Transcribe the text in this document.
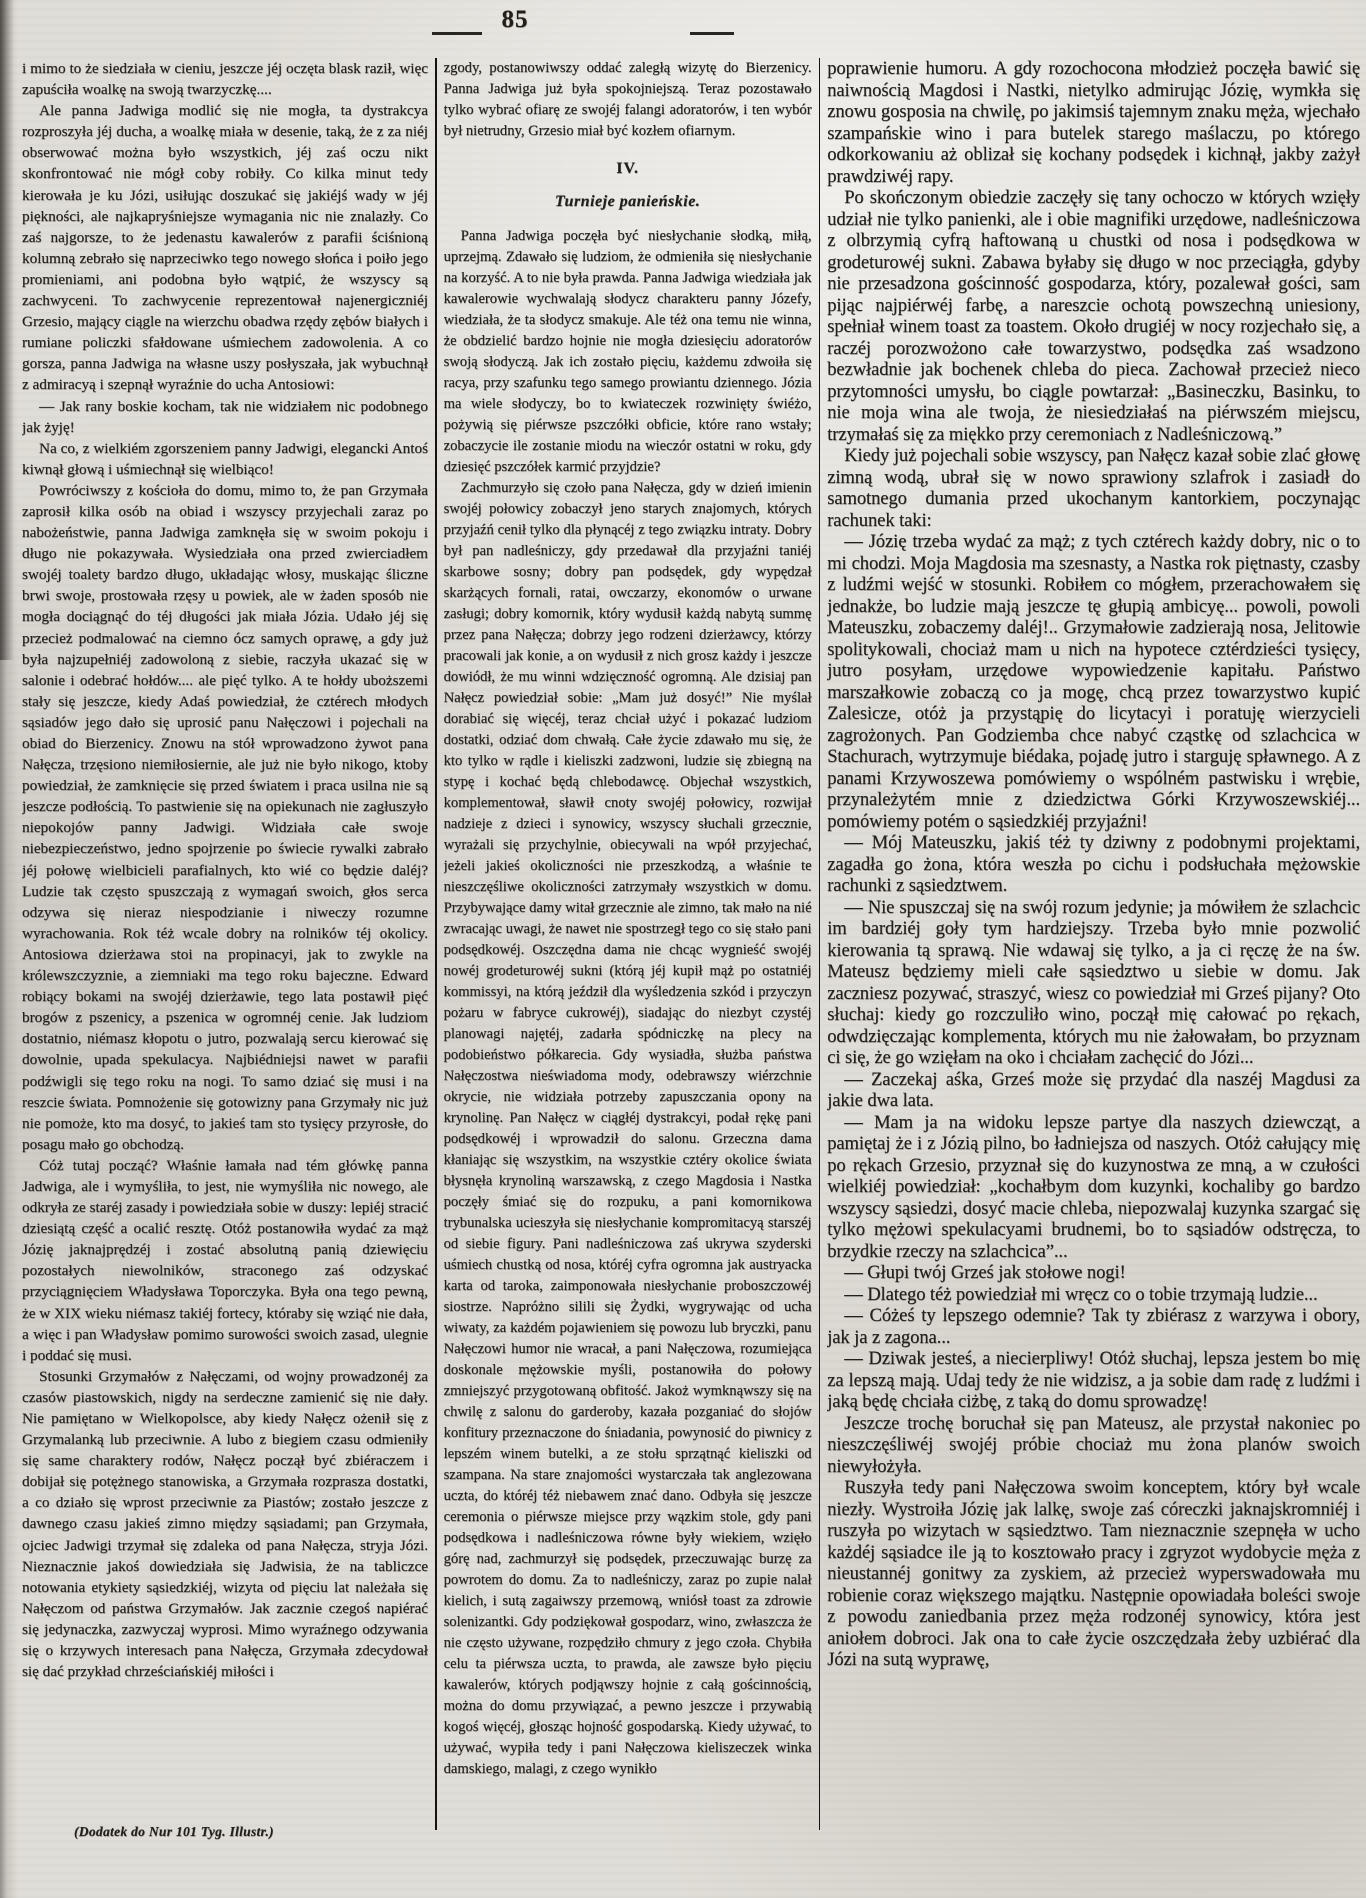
85

i mimo to że siedziała w cieniu, jeszcze jéj oczęta blask raził, więc zapuściła woalkę na swoją twarzyczkę....

Ale panna Jadwiga modlić się nie mogła, ta dystrakcya rozproszyła jéj ducha, a woalkę miała w desenie, taką, że z za niéj obserwować można było wszystkich, jéj zaś oczu nikt skonfrontować nie mógł coby robiły. Co kilka minut tedy kierowała je ku Józi, usiłując doszukać się jakiéjś wady w jéj piękności, ale najkapryśniejsze wymagania nic nie znalazły. Co zaś najgorsze, to że jedenastu kawalerów z parafii ściśnioną kolumną zebrało się naprzeciwko tego nowego słońca i poiło jego promieniami, ani podobna było wątpić, że wszyscy są zachwyceni. To zachwycenie reprezentował najenergiczniéj Grzesio, mający ciągle na wierzchu obadwa rzędy zębów białych i rumiane policzki sfałdowane uśmiechem zadowolenia. A co gorsza, panna Jadwiga na własne uszy posłyszała, jak wybuchnął z admiracyą i szepnął wyraźnie do ucha Antosiowi:

— Jak rany boskie kocham, tak nie widziałem nic podobnego jak żyję!

Na co, z wielkiém zgorszeniem panny Jadwigi, elegancki Antoś kiwnął głową i uśmiechnął się wielbiąco!

Powróciwszy z kościoła do domu, mimo to, że pan Grzymała zaprosił kilka osób na obiad i wszyscy przyjechali zaraz po nabożeństwie, panna Jadwiga zamknęła się w swoim pokoju i długo nie pokazywała. Wysiedziała ona przed zwierciadłem swojéj toalety bardzo długo, układając włosy, muskając śliczne brwi swoje, prostowała rzęsy u powiek, ale w żaden sposób nie mogła dociągnąć do téj długości jak miała Józia. Udało jéj się przecież podmalować na ciemno ócz samych oprawę, a gdy już była najzupełniéj zadowoloną z siebie, raczyła ukazać się w salonie i odebrać hołdów.... ale pięć tylko. A te hołdy uboższemi stały się jeszcze, kiedy Adaś powiedział, że cztérech młodych sąsiadów jego dało się uprosić panu Nałęczowi i pojechali na obiad do Bierzenicy. Znowu na stół wprowadzono żywot pana Nałęcza, trzęsiono niemiłosiernie, ale już nie było nikogo, ktoby powiedział, że zamknięcie się przed światem i praca usilna nie są jeszcze podłością. To pastwienie się na opiekunach nie zagłuszyło niepokojów panny Jadwigi. Widziała całe swoje niebezpieczeństwo, jedno spojrzenie po świecie rywalki zabrało jéj połowę wielbicieli parafialnych, kto wié co będzie daléj? Ludzie tak często spuszczają z wymagań swoich, głos serca odzywa się nieraz niespodzianie i niweczy rozumne wyrachowania. Rok téż wcale dobry na rolników téj okolicy. Antosiowa dzierżawa stoi na propinacyi, jak to zwykle na królewszczyznie, a ziemniaki ma tego roku bajeczne. Edward robiący bokami na swojéj dzierżawie, tego lata postawił pięć brogów z pszenicy, a pszenica w ogromnéj cenie. Jak ludziom dostatnio, niémasz kłopotu o jutro, pozwalają sercu kierować się dowolnie, upada spekulacya. Najbiédniejsi nawet w parafii podźwigli się tego roku na nogi. To samo dziać się musi i na reszcie świata. Pomnożenie się gotowizny pana Grzymały nic już nie pomoże, kto ma dosyć, to jakieś tam sto tysięcy przyrosłe, do posagu mało go obchodzą.

Cóż tutaj począć? Właśnie łamała nad tém główkę panna Jadwiga, ale i wymyśliła, to jest, nie wymyśliła nic nowego, ale odkryła ze staréj zasady i powiedziała sobie w duszy: lepiéj stracić dziesiątą część a ocalić resztę. Otóż postanowiła wydać za mąż Józię jaknajprędzéj i zostać absolutną panią dziewięciu pozostałych niewolników, straconego zaś odzyskać przyciągnięciem Władysława Toporczyka. Była ona tego pewną, że w XIX wieku niémasz takiéj fortecy, któraby się wziąć nie dała, a więc i pan Władysław pomimo surowości swoich zasad, ulegnie i poddać się musi.

Stosunki Grzymałów z Nałęczami, od wojny prowadzonéj za czasów piastowskich, nigdy na serdeczne zamienić się nie dały. Nie pamiętano w Wielkopolsce, aby kiedy Nałęcz ożenił się z Grzymalanką lub przeciwnie. A lubo z biegiem czasu odmieniły się same charaktery rodów, Nałęcz począł być zbiéraczem i dobijał się potężnego stanowiska, a Grzymała rozprasza dostatki, a co działo się wprost przeciwnie za Piastów; zostało jeszcze z dawnego czasu jakieś zimno między sąsiadami; pan Grzymała, ojciec Jadwigi trzymał się zdaleka od pana Nałęcza, stryja Józi. Nieznacznie jakoś dowiedziała się Jadwisia, że na tabliczce notowania etykiety sąsiedzkiéj, wizyta od pięciu lat należała się Nałęczom od państwa Grzymałów. Jak zacznie czegoś napiérać się jedynaczka, zazwyczaj wyprosi. Mimo wyraźnego odzywania się o krzywych interesach pana Nałęcza, Grzymała zdecydował się dać przykład chrześciańskiéj miłości i

zgody, postanowiwszy oddać zaległą wizytę do Bierzenicy. Panna Jadwiga już była spokojniejszą. Teraz pozostawało tylko wybrać ofiarę ze swojéj falangi adoratorów, i ten wybór był nietrudny, Grzesio miał być kozłem ofiarnym.

IV.
Turnieje panieńskie.

Panna Jadwiga poczęła być niesłychanie słodką, miłą, uprzejmą. Zdawało się ludziom, że odmieniła się niesłychanie na korzyść. A to nie była prawda. Panna Jadwiga wiedziała jak kawalerowie wychwalają słodycz charakteru panny Józefy, wiedziała, że ta słodycz smakuje. Ale téż ona temu nie winna, że obdzielić bardzo hojnie nie mogła dziesięciu adoratorów swoją słodyczą. Jak ich zostało pięciu, każdemu zdwoiła się racya, przy szafunku tego samego prowiantu dziennego. Józia ma wiele słodyczy, bo to kwiateczek rozwinięty świéżo, pożywią się piérwsze pszczółki obficie, które rano wstały; zobaczycie ile zostanie miodu na wieczór ostatni w roku, gdy dziesięć pszczółek karmić przyjdzie?

Zachmurzyło się czoło pana Nałęcza, gdy w dzień imienin swojéj połowicy zobaczył jeno starych znajomych, których przyjaźń cenił tylko dla płynącéj z tego związku intraty. Dobry był pan nadleśniczy, gdy przedawał dla przyjaźni taniéj skarbowe sosny; dobry pan podsędek, gdy wypędzał skarżących fornali, ratai, owczarzy, ekonomów o urwane zasługi; dobry komornik, który wydusił każdą nabytą summę przez pana Nałęcza; dobrzy jego rodzeni dzierżawcy, którzy pracowali jak konie, a on wydusił z nich grosz każdy i jeszcze dowiódł, że mu winni wdzięczność ogromną. Ale dzisiaj pan Nałęcz powiedział sobie: „Mam już dosyć!” Nie myślał dorabiać się więcéj, teraz chciał użyć i pokazać ludziom dostatki, odziać dom chwałą. Całe życie zdawało mu się, że kto tylko w rądle i kieliszki zadzwoni, ludzie się zbiegną na stypę i kochać będą chlebodawcę. Objechał wszystkich, komplementował, sławił cnoty swojéj połowicy, rozwijał nadzieje z dzieci i synowicy, wszyscy słuchali grzecznie, wyrażali się przychylnie, obiecywali na wpół przyjechać, jeżeli jakieś okoliczności nie przeszkodzą, a właśnie te nieszczęśliwe okoliczności zatrzymały wszystkich w domu. Przybywające damy witał grzecznie ale zimno, tak mało na nié zwracając uwagi, że nawet nie spostrzegł tego co się stało pani podsędkowéj. Oszczędna dama nie chcąc wygnieść swojéj nowéj grodeturowéj sukni (którą jéj kupił mąż po ostatniéj kommissyi, na którą jeździł dla wyśledzenia szkód i przyczyn pożaru w fabryce cukrowéj), siadając do niezbyt czystéj planowagi najętéj, zadarła spódniczkę na plecy na podobieństwo półkarecia. Gdy wysiadła, służba państwa Nałęczostwa nieświadoma mody, odebrawszy wiérzchnie okrycie, nie widziała potrzeby zapuszczania opony na krynolinę. Pan Nałęcz w ciągłéj dystrakcyi, podał rękę pani podsędkowéj i wprowadził do salonu. Grzeczna dama kłaniając się wszystkim, na wszystkie cztéry okolice świata błysnęła krynoliną warszawską, z czego Magdosia i Nastka poczęły śmiać się do rozpuku, a pani komornikowa trybunalska ucieszyła się niesłychanie kompromitacyą starszéj od siebie figury. Pani nadleśniczowa zaś ukrywa szyderski uśmiech chustką od nosa, któréj cyfra ogromna jak austryacka karta od taroka, zaimponowała niesłychanie proboszczowéj siostrze. Napróżno silili się Żydki, wygrywając od ucha wiwaty, za każdém pojawieniem się powozu lub bryczki, panu Nałęczowi humor nie wracał, a pani Nałęczowa, rozumiejąca doskonale mężowskie myśli, postanowiła do połowy zmniejszyć przygotowaną obfitość. Jakoż wymknąwszy się na chwilę z salonu do garderoby, kazała pozganiać do słojów konfitury przeznaczone do śniadania, powynosić do piwnicy z lepszém winem butelki, a ze stołu sprzątnąć kieliszki od szampana. Na stare znajomości wystarczała tak anglezowana uczta, do któréj téż niebawem znać dano. Odbyła się jeszcze ceremonia o piérwsze miejsce przy wązkim stole, gdy pani podsędkowa i nadleśniczowa równe były wiekiem, wzięło górę nad, zachmurzył się podsędek, przeczuwając burzę za powrotem do domu. Za to nadleśniczy, zaraz po zupie nalał kielich, i sutą zagaiwszy przemową, wniósł toast za zdrowie solenizantki. Gdy podziękował gospodarz, wino, zwłaszcza że nie często używane, rozpędziło chmury z jego czoła. Chybiła celu ta piérwsza uczta, to prawda, ale zawsze było pięciu kawalerów, których podjąwszy hojnie z całą gościnnością, można do domu przywiązać, a pewno jeszcze i przywabią kogoś więcéj, głosząc hojność gospodarską. Kiedy używać, to używać, wypiła tedy i pani Nałęczowa kieliszeczek winka damskiego, malagi, z czego wynikło

poprawienie humoru. A gdy rozochocona młodzież poczęła bawić się naiwnością Magdosi i Nastki, nietylko admirując Józię, wymkła się znowu gosposia na chwilę, po jakimsiś tajemnym znaku męża, wjechało szampańskie wino i para butelek starego maślaczu, po którego odkorkowaniu aż oblizał się kochany podsędek i kichnął, jakby zażył prawdziwéj rapy.

Po skończonym obiedzie zaczęły się tany ochoczo w których wzięły udział nie tylko panienki, ale i obie magnifiki urzędowe, nadleśniczowa z olbrzymią cyfrą haftowaną u chustki od nosa i podsędkowa w grodeturowéj sukni. Zabawa byłaby się długo w noc przeciągła, gdyby nie przesadzona gościnność gospodarza, który, pozalewał gości, sam pijąc najpiérwéj farbę, a nareszcie ochotą powszechną uniesiony, spełniał winem toast za toastem. Około drugiéj w nocy rozjechało się, a raczéj porozwożono całe towarzystwo, podsędka zaś wsadzono bezwładnie jak bochenek chleba do pieca. Zachował przecież nieco przytomności umysłu, bo ciągle powtarzał: „Basineczku, Basinku, to nie moja wina ale twoja, że niesiedziałaś na piérwszém miejscu, trzymałaś się za miękko przy ceremoniach z Nadleśniczową.”

Kiedy już pojechali sobie wszyscy, pan Nałęcz kazał sobie zlać głowę zimną wodą, ubrał się w nowo sprawiony szlafrok i zasiadł do samotnego dumania przed ukochanym kantorkiem, poczynając rachunek taki:

— Józię trzeba wydać za mąż; z tych cztérech każdy dobry, nic o to mi chodzi. Moja Magdosia ma szesnasty, a Nastka rok piętnasty, czasby z ludźmi wejść w stosunki. Robiłem co mógłem, przerachowałem się jednakże, bo ludzie mają jeszcze tę głupią ambicyę... powoli, powoli Mateuszku, zobaczemy daléj!.. Grzymałowie zadzierają nosa, Jelitowie spolitykowali, chociaż mam u nich na hypotece cztérdzieści tysięcy, jutro posyłam, urzędowe wypowiedzenie kapitału. Państwo marszałkowie zobaczą co ja mogę, chcą przez towarzystwo kupić Zalesicze, otóż ja przystąpię do licytacyi i poratuję wierzycieli zagrożonych. Pan Godziemba chce nabyć cząstkę od szlachcica w Stachurach, wytrzymuje biédaka, pojadę jutro i starguję spławnego. A z panami Krzywoszewa pomówiemy o wspólném pastwisku i wrębie, przynależytém mnie z dziedzictwa Górki Krzywoszewskiéj... pomówiemy potém o sąsiedzkiéj przyjaźni!

— Mój Mateuszku, jakiś téż ty dziwny z podobnymi projektami, zagadła go żona, która weszła po cichu i podsłuchała mężowskie rachunki z sąsiedztwem.

— Nie spuszczaj się na swój rozum jedynie; ja mówiłem że szlachcic im bardziéj goły tym hardziejszy. Trzeba było mnie pozwolić kierowania tą sprawą. Nie wdawaj się tylko, a ja ci ręczę że na św. Mateusz będziemy mieli całe sąsiedztwo u siebie w domu. Jak zaczniesz pozywać, straszyć, wiesz co powiedział mi Grześ pijany? Oto słuchaj: kiedy go rozczuliło wino, począł mię całować po rękach, odwdzięczając komplementa, których mu nie żałowałam, bo przyznam ci się, że go wzięłam na oko i chciałam zachęcić do Józi...

— Zaczekaj aśka, Grześ może się przydać dla naszéj Magdusi za jakie dwa lata.

— Mam ja na widoku lepsze partye dla naszych dziewcząt, a pamiętaj że i z Józią pilno, bo ładniejsza od naszych. Otóż całujący mię po rękach Grzesio, przyznał się do kuzynostwa ze mną, a w czułości wielkiéj powiedział: „kochałbym dom kuzynki, kochaliby go bardzo wszyscy sąsiedzi, dosyć macie chleba, niepozwalaj kuzynka szargać się tylko mężowi spekulacyami brudnemi, bo to sąsiadów odstręcza, to brzydkie rzeczy na szlachcica”...

— Głupi twój Grześ jak stołowe nogi!

— Dlatego téż powiedział mi wręcz co o tobie trzymają ludzie...

— Cóżeś ty lepszego odemnie? Tak ty zbiérasz z warzywa i obory, jak ja z zagona...

— Dziwak jesteś, a niecierpliwy! Otóż słuchaj, lepsza jestem bo mię za lepszą mają. Udaj tedy że nie widzisz, a ja sobie dam radę z ludźmi i jaką będę chciała ciżbę, z taką do domu sprowadzę!

Jeszcze trochę boruchał się pan Mateusz, ale przystał nakoniec po nieszczęśliwéj swojéj próbie chociaż mu żona planów swoich niewyłożyła.

Ruszyła tedy pani Nałęczowa swoim konceptem, który był wcale niezły. Wystroiła Józię jak lalkę, swoje zaś córeczki jaknajskromniéj i ruszyła po wizytach w sąsiedztwo. Tam nieznacznie szepnęła w ucho każdéj sąsiadce ile ją to kosztowało pracy i zgryzot wydobycie męża z nieustannéj gonitwy za zyskiem, aż przecież wyperswadowała mu robienie coraz większego majątku. Następnie opowiadała boleści swoje z powodu zaniedbania przez męża rodzonéj synowicy, która jest aniołem dobroci. Jak ona to całe życie oszczędzała żeby uzbiérać dla Józi na sutą wyprawę,

(Dodatek do Nur 101 Tyg. Illustr.)
